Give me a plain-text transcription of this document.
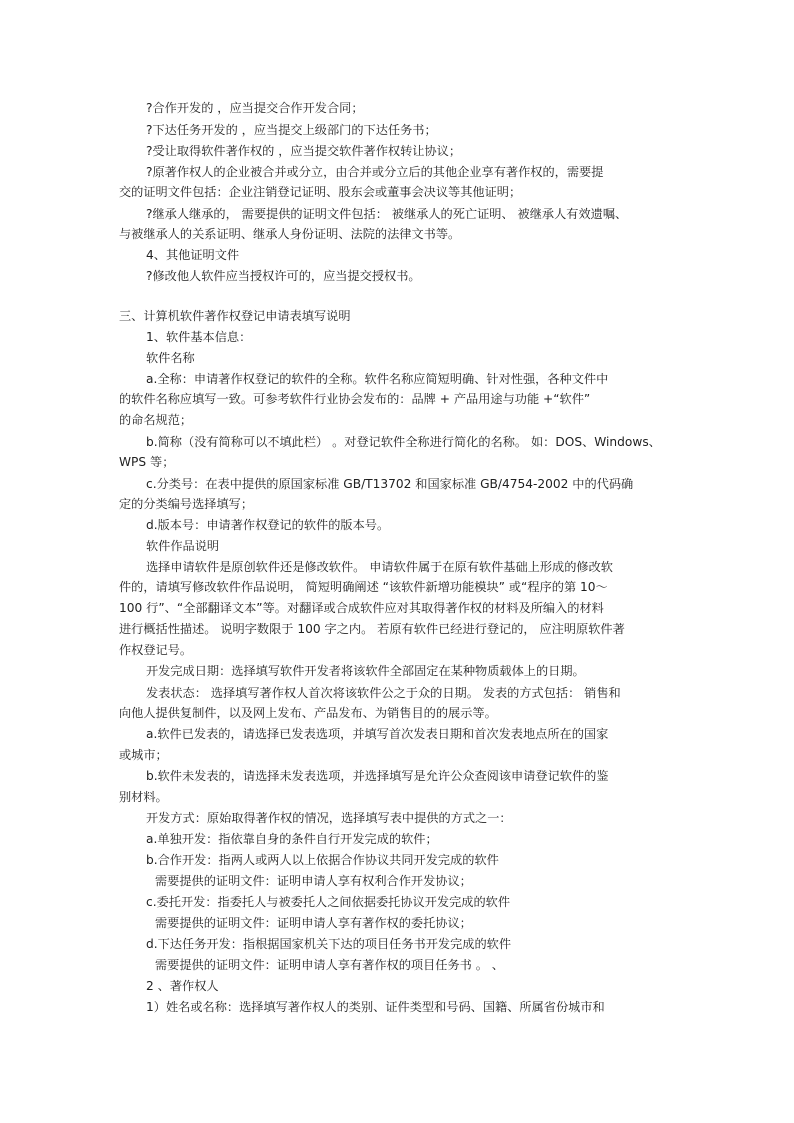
?合作开发的 ，应当提交合作开发合同；
?下达任务开发的 ，应当提交上级部门的下达任务书；
?受让取得软件著作权的 ，应当提交软件著作权转让协议；
?原著作权人的企业被合并或分立，由合并或分立后的其他企业享有著作权的，需要提
交的证明文件包括：企业注销登记证明、股东会或董事会决议等其他证明；
?继承人继承的， 需要提供的证明文件包括： 被继承人的死亡证明、 被继承人有效遗嘱、
与被继承人的关系证明、继承人身份证明、法院的法律文书等。
4、其他证明文件
?修改他人软件应当授权许可的，应当提交授权书。
三、计算机软件著作权登记申请表填写说明
1、软件基本信息：
软件名称
a.全称：申请著作权登记的软件的全称。软件名称应简短明确、针对性强，各种文件中
的软件名称应填写一致。可参考软件行业协会发布的：品牌 + 产品用途与功能 +“软件”
的命名规范；
b.简称（没有简称可以不填此栏） 。对登记软件全称进行简化的名称。 如：DOS、Windows、
WPS 等；
c.分类号：在表中提供的原国家标准 GB/T13702 和国家标准 GB/4754-2002 中的代码确
定的分类编号选择填写；
d.版本号：申请著作权登记的软件的版本号。
软件作品说明
选择申请软件是原创软件还是修改软件。 申请软件属于在原有软件基础上形成的修改软
件的，请填写修改软件作品说明， 简短明确阐述 “该软件新增功能模块” 或“程序的第 10～
100 行”、“全部翻译文本”等。对翻译或合成软件应对其取得著作权的材料及所编入的材料
进行概括性描述。 说明字数限于 100 字之内。 若原有软件已经进行登记的， 应注明原软件著
作权登记号。
开发完成日期：选择填写软件开发者将该软件全部固定在某种物质载体上的日期。
发表状态： 选择填写著作权人首次将该软件公之于众的日期。 发表的方式包括： 销售和
向他人提供复制件，以及网上发布、产品发布、为销售目的的展示等。
a.软件已发表的，请选择已发表选项，并填写首次发表日期和首次发表地点所在的国家
或城市；
b.软件未发表的，请选择未发表选项，并选择填写是允许公众查阅该申请登记软件的鉴
别材料。
开发方式：原始取得著作权的情况，选择填写表中提供的方式之一：
a.单独开发：指依靠自身的条件自行开发完成的软件；
b.合作开发：指两人或两人以上依据合作协议共同开发完成的软件
需要提供的证明文件：证明申请人享有权利合作开发协议；
c.委托开发：指委托人与被委托人之间依据委托协议开发完成的软件
需要提供的证明文件：证明申请人享有著作权的委托协议；
d.下达任务开发：指根据国家机关下达的项目任务书开发完成的软件
需要提供的证明文件：证明申请人享有著作权的项目任务书 。 、
2 、著作权人
1）姓名或名称：选择填写著作权人的类别、证件类型和号码、国籍、所属省份城市和
